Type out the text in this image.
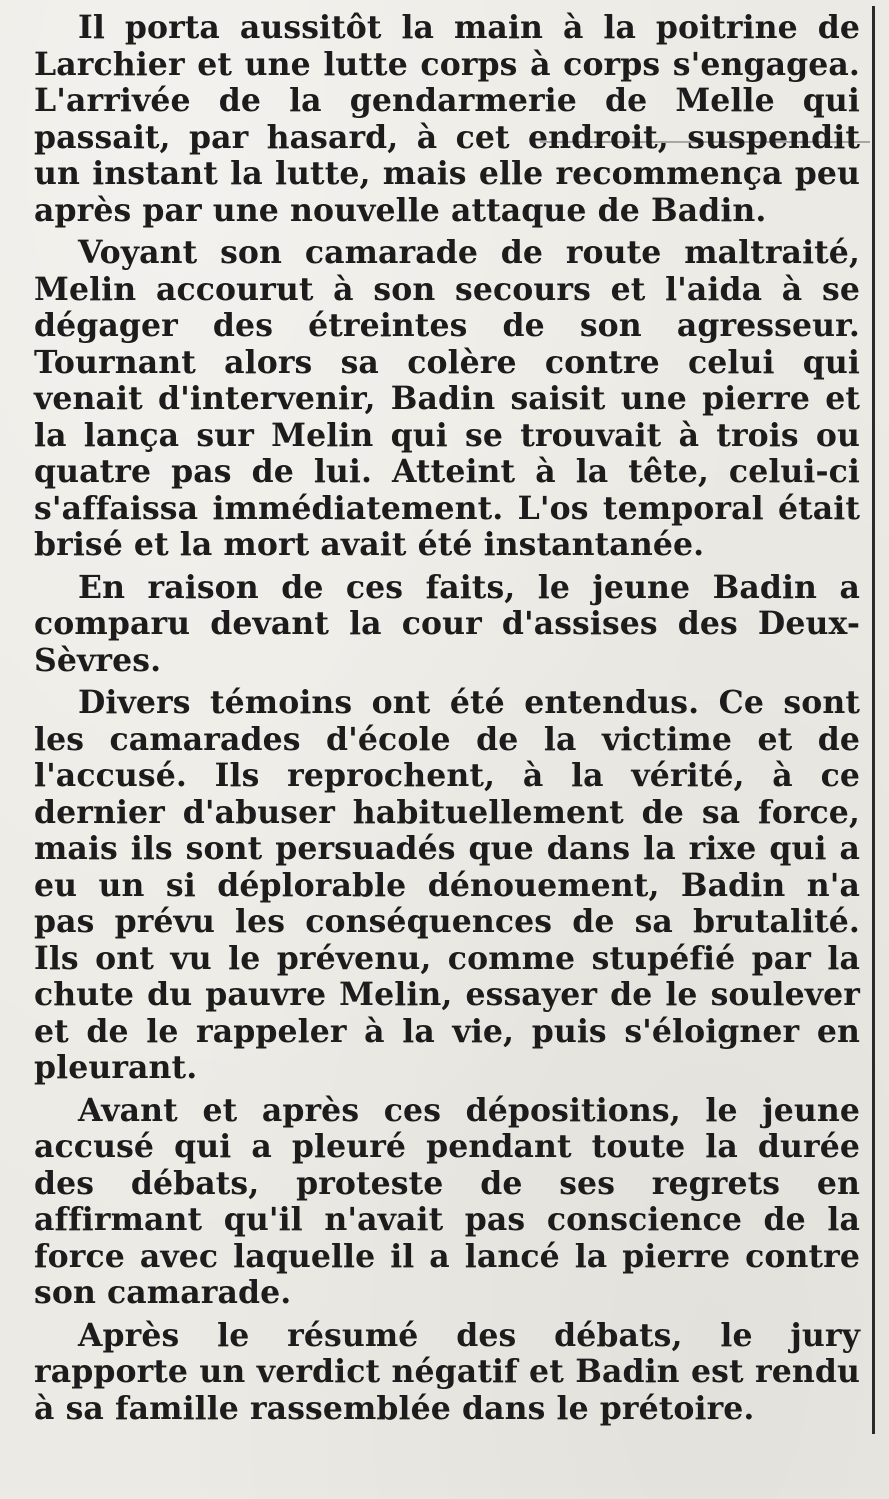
Il porta aussitôt la main à la poitrine de Larchier et une lutte corps à corps s'engagea. L'arrivée de la gendarmerie de Melle qui passait, par hasard, à cet endroit, suspendit un instant la lutte, mais elle recommença peu après par une nouvelle attaque de Badin.

Voyant son camarade de route maltraité, Melin accourut à son secours et l'aida à se dégager des étreintes de son agresseur. Tournant alors sa colère contre celui qui venait d'intervenir, Badin saisit une pierre et la lança sur Melin qui se trouvait à trois ou quatre pas de lui. Atteint à la tête, celui-ci s'affaissa immédiatement. L'os temporal était brisé et la mort avait été instantanée.

En raison de ces faits, le jeune Badin a comparu devant la cour d'assises des Deux-Sèvres.

Divers témoins ont été entendus. Ce sont les camarades d'école de la victime et de l'accusé. Ils reprochent, à la vérité, à ce dernier d'abuser habituellement de sa force, mais ils sont persuadés que dans la rixe qui a eu un si déplorable dénouement, Badin n'a pas prévu les conséquences de sa brutalité. Ils ont vu le prévenu, comme stupéfié par la chute du pauvre Melin, essayer de le soulever et de le rappeler à la vie, puis s'éloigner en pleurant.

Avant et après ces dépositions, le jeune accusé qui a pleuré pendant toute la durée des débats, proteste de ses regrets en affirmant qu'il n'avait pas conscience de la force avec laquelle il a lancé la pierre contre son camarade.

Après le résumé des débats, le jury rapporte un verdict négatif et Badin est rendu à sa famille rassemblée dans le prétoire.
